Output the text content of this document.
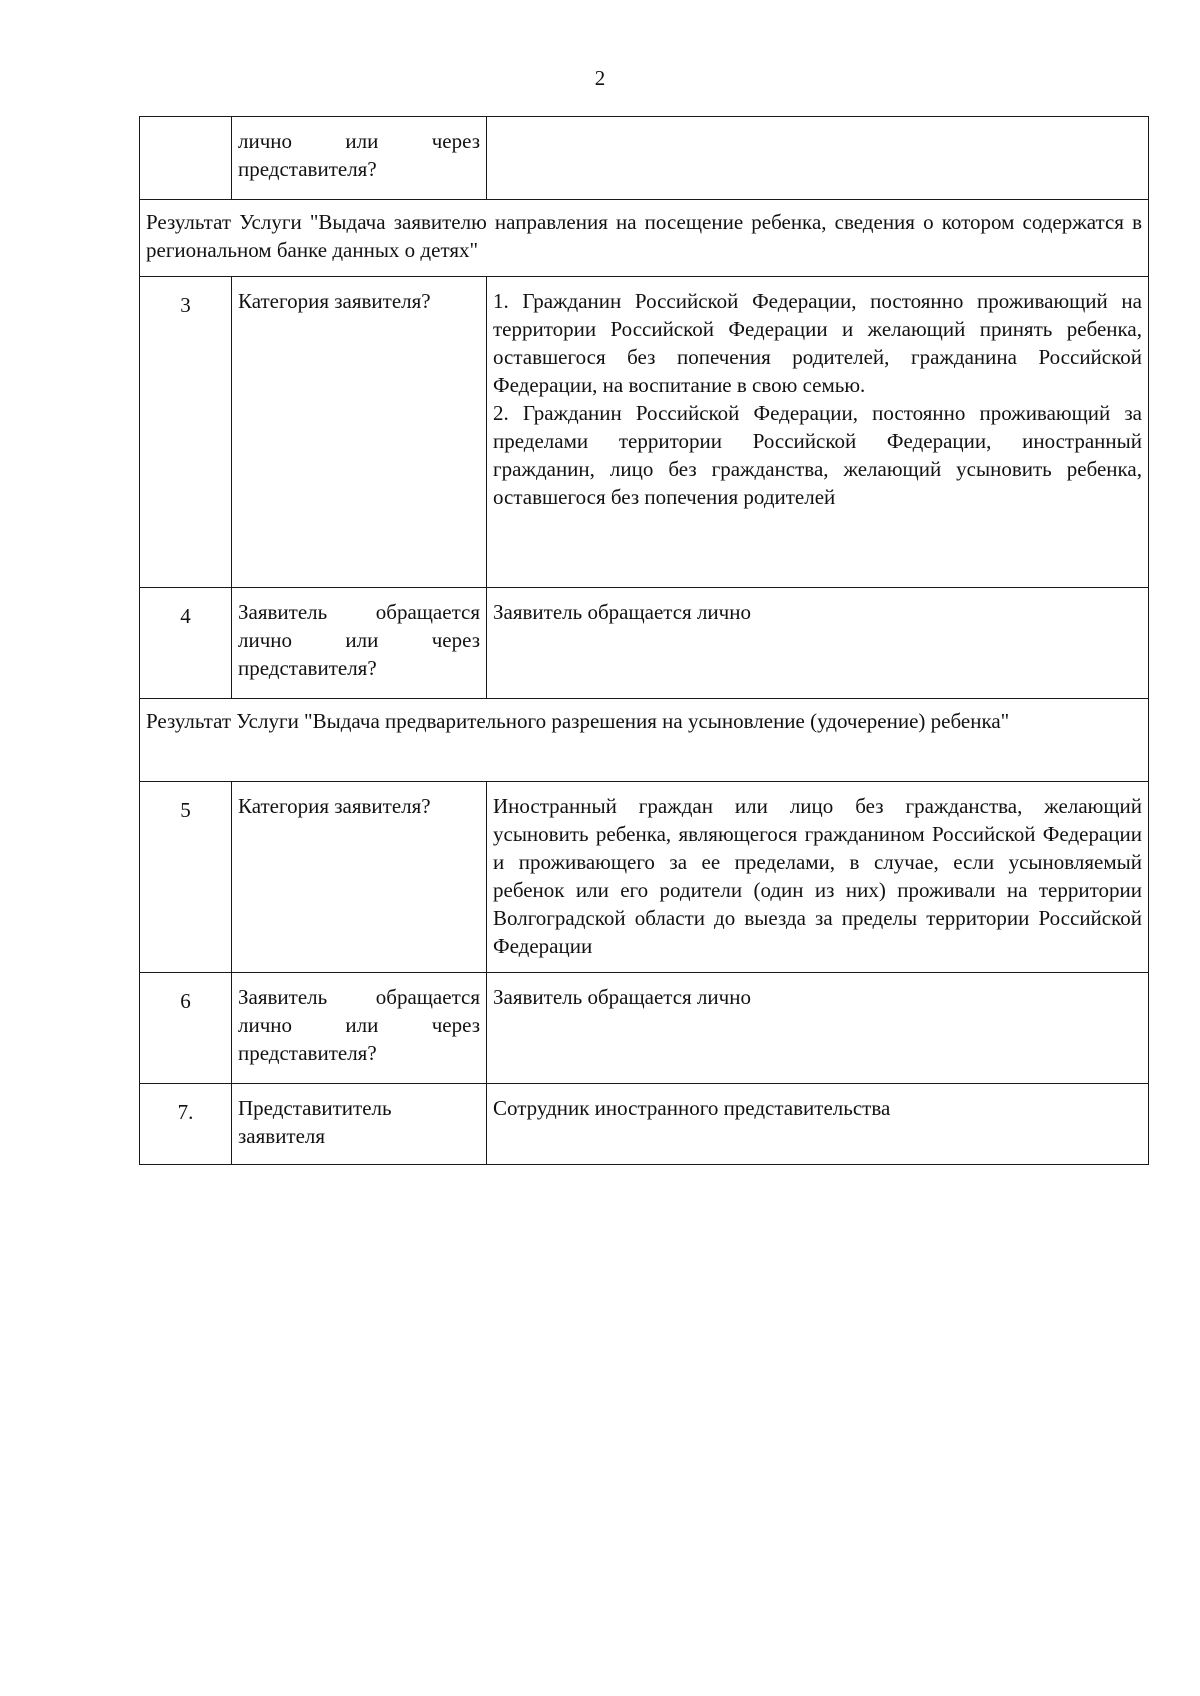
2
	лично или через представителя?	
Результат Услуги "Выдача заявителю направления на посещение ребенка, сведения о котором содержатся в региональном банке данных о детях"		
3	Категория заявителя?	1. Гражданин Российской Федерации, постоянно проживающий на территории Российской Федерации и желающий принять ребенка, оставшегося без попечения родителей, гражданина Российской Федерации, на воспитание в свою семью.
2. Гражданин Российской Федерации, постоянно проживающий за пределами территории Российской Федерации, иностранный гражданин, лицо без гражданства, желающий усыновить ребенка, оставшегося без попечения родителей

4	Заявитель обращается лично или через представителя?	Заявитель обращается лично

Результат Услуги "Выдача предварительного разрешения на усыновление (удочерение) ребенка"		
5	Категория заявителя?	Иностранный граждан или лицо без гражданства, желающий усыновить ребенка, являющегося гражданином Российской Федерации и проживающего за ее пределами, в случае, если усыновляемый ребенок или его родители (один из них) проживали на территории Волгоградской области до выезда за пределы территории Российской Федерации

6	Заявитель обращается лично или через представителя?	Заявитель обращается лично

7.	Представититель заявителя	Сотрудник иностранного представительства
